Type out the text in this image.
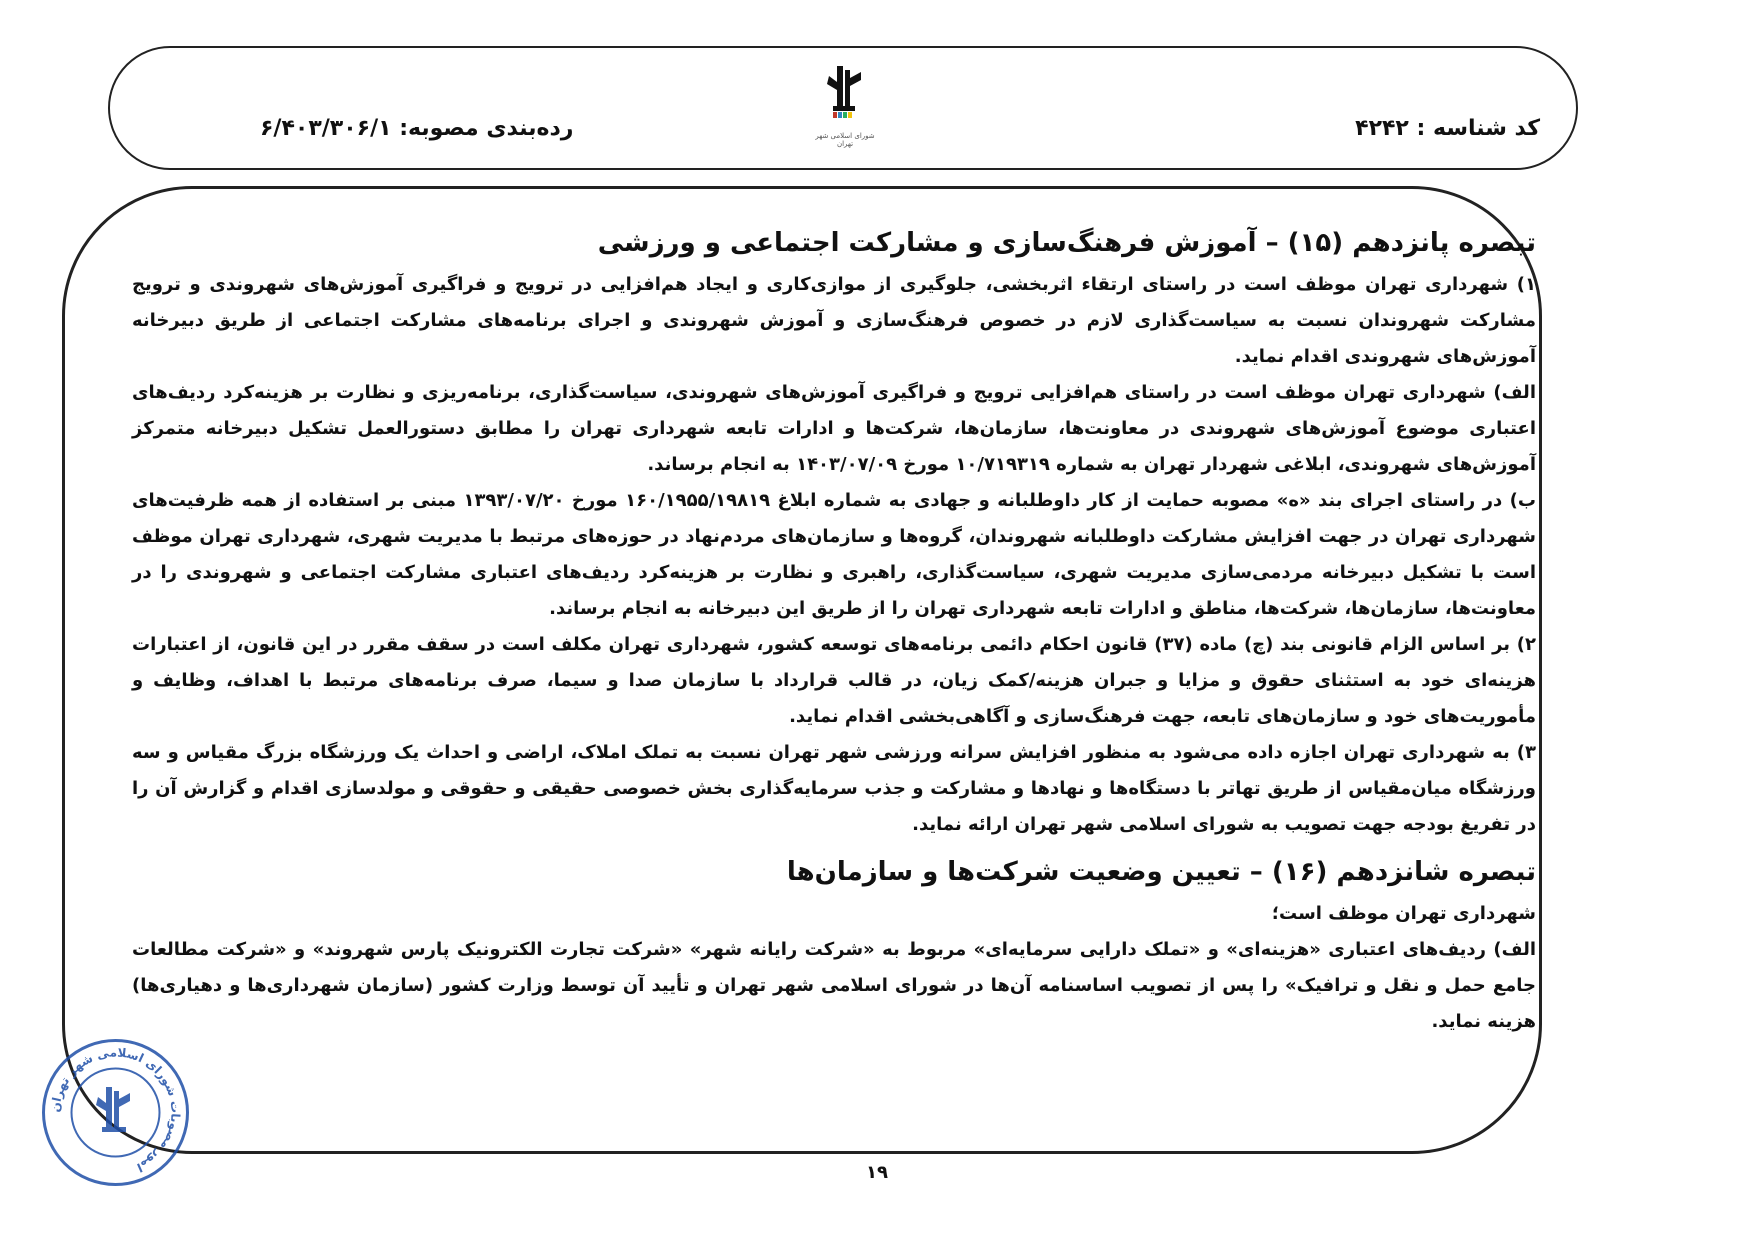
کد شناسه : ۴۲۴۲
شورای اسلامی شهر تهران
رده‌بندی مصوبه: ۶/۴۰۳/۳۰۶/۱
تبصره پانزدهم (۱۵) – آموزش فرهنگ‌سازی و مشارکت اجتماعی و ورزشی

۱) شهرداری تهران موظف است در راستای ارتقاء اثربخشی، جلوگیری از موازی‌کاری و ایجاد هم‌افزایی در ترویج و فراگیری آموزش‌های شهروندی و ترویج مشارکت شهروندان نسبت به سیاست‌گذاری لازم در خصوص فرهنگ‌سازی و آموزش شهروندی و اجرای برنامه‌های مشارکت اجتماعی از طریق دبیرخانه آموزش‌های شهروندی اقدام نماید.

الف) شهرداری تهران موظف است در راستای هم‌افزایی ترویج و فراگیری آموزش‌های شهروندی، سیاست‌گذاری، برنامه‌ریزی و نظارت بر هزینه‌کرد ردیف‌های اعتباری موضوع آموزش‌های شهروندی در معاونت‌ها، سازمان‌ها، شرکت‌ها و ادارات تابعه شهرداری تهران را مطابق دستورالعمل تشکیل دبیرخانه متمرکز آموزش‌های شهروندی، ابلاغی شهردار تهران به شماره ۱۰/۷۱۹۳۱۹ مورخ ۱۴۰۳/۰۷/۰۹ به انجام برساند.

ب) در راستای اجرای بند «ه» مصوبه حمایت از کار داوطلبانه و جهادی به شماره ابلاغ ۱۶۰/۱۹۵۵/۱۹۸۱۹ مورخ ۱۳۹۳/۰۷/۲۰ مبنی بر استفاده از همه ظرفیت‌های شهرداری تهران در جهت افزایش مشارکت داوطلبانه شهروندان، گروه‌ها و سازمان‌های مردم‌نهاد در حوزه‌های مرتبط با مدیریت شهری، شهرداری تهران موظف است با تشکیل دبیرخانه مردمی‌سازی مدیریت شهری، سیاست‌گذاری، راهبری و نظارت بر هزینه‌کرد ردیف‌های اعتباری مشارکت اجتماعی و شهروندی را در معاونت‌ها، سازمان‌ها، شرکت‌ها، مناطق و ادارات تابعه شهرداری تهران را از طریق این دبیرخانه به انجام برساند.

۲) بر اساس الزام قانونی بند (چ) ماده (۳۷) قانون احکام دائمی برنامه‌های توسعه کشور، شهرداری تهران مکلف است در سقف مقرر در این قانون، از اعتبارات هزینه‌ای خود به استثنای حقوق و مزایا و جبران هزینه/کمک زیان، در قالب قرارداد با سازمان صدا و سیما، صرف برنامه‌های مرتبط با اهداف، وظایف و مأموریت‌های خود و سازمان‌های تابعه، جهت فرهنگ‌سازی و آگاهی‌بخشی اقدام نماید.

۳) به شهرداری تهران اجازه داده می‌شود به منظور افزایش سرانه ورزشی شهر تهران نسبت به تملک املاک، اراضی و احداث یک ورزشگاه بزرگ مقیاس و سه ورزشگاه میان‌مقیاس از طریق تهاتر با دستگاه‌ها و نهادها و مشارکت و جذب سرمایه‌گذاری بخش خصوصی حقیقی و حقوقی و مولدسازی اقدام و گزارش آن را در تفریغ بودجه جهت تصویب به شورای اسلامی شهر تهران ارائه نماید.

تبصره شانزدهم (۱۶) – تعیین وضعیت شرکت‌ها و سازمان‌ها

شهرداری تهران موظف است؛

الف) ردیف‌های اعتباری «هزینه‌ای» و «تملک دارایی سرمایه‌ای» مربوط به «شرکت رایانه شهر» «شرکت تجارت الکترونیک پارس شهروند» و «شرکت مطالعات جامع حمل و نقل و ترافیک» را پس از تصویب اساسنامه آن‌ها در شورای اسلامی شهر تهران و تأیید آن توسط وزارت کشور (سازمان شهرداری‌ها و دهیاری‌ها) هزینه نماید.

امور مصوبات شورای اسلامی شهر تهران	۱۹
